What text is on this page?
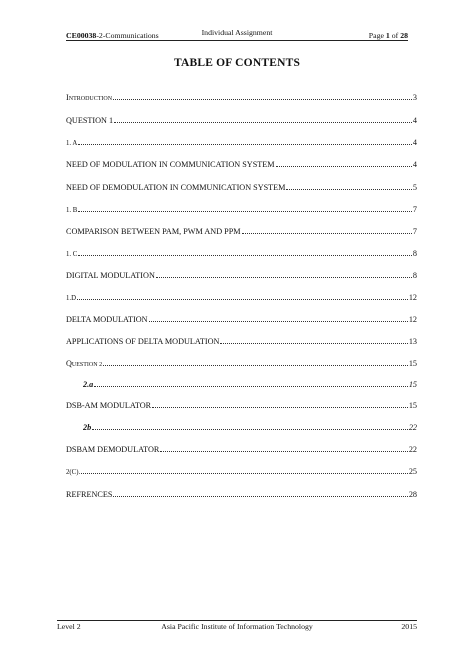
CE00038-2-Communications	Individual Assignment	Page 1 of 28
TABLE OF CONTENTS
INTRODUCTION	3
QUESTION 1	4
1. A	4
NEED OF MODULATION IN COMMUNICATION SYSTEM	4
NEED OF DEMODULATION IN COMMUNICATION SYSTEM	5
1. B	7
COMPARISON BETWEEN PAM, PWM AND PPM	7
1. C	8
DIGITAL MODULATION	8
1.D	12
DELTA MODULATION	12
APPLICATIONS OF DELTA MODULATION	13
QUESTION 2	15
2.a	15
DSB-AM MODULATOR	15
2b	22
DSBAM DEMODULATOR	22
2(C).	25
REFRENCES	28
Level 2	Asia Pacific Institute of Information Technology	2015
